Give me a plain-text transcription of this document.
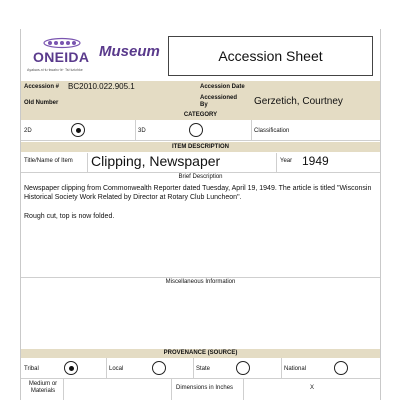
ONEIDA
Ayakwa-ni·lu·kwahʌ·lé· Tsi·kʌtʌhke
Museum	Accession Sheet
Accession # BC2010.022.905.1	Accession Date
Old Number
Accessioned By	Gerzetich, Courtney
CATEGORY
2D	3D	Classification
ITEM DESCRIPTION
Title/Name of Item Clipping, Newspaper	Year 1949
Brief Description
Newspaper clipping from Commonwealth Reporter dated Tuesday, April 19, 1949. The article is titled "Wisconsin Historical Society Work Related by Director at Rotary Club Luncheon".
Rough cut, top is now folded.
Miscellaneous Information
PROVENANCE (SOURCE)
Tribal	Local	State	National
Medium or Materials	Dimensions in Inches	X
